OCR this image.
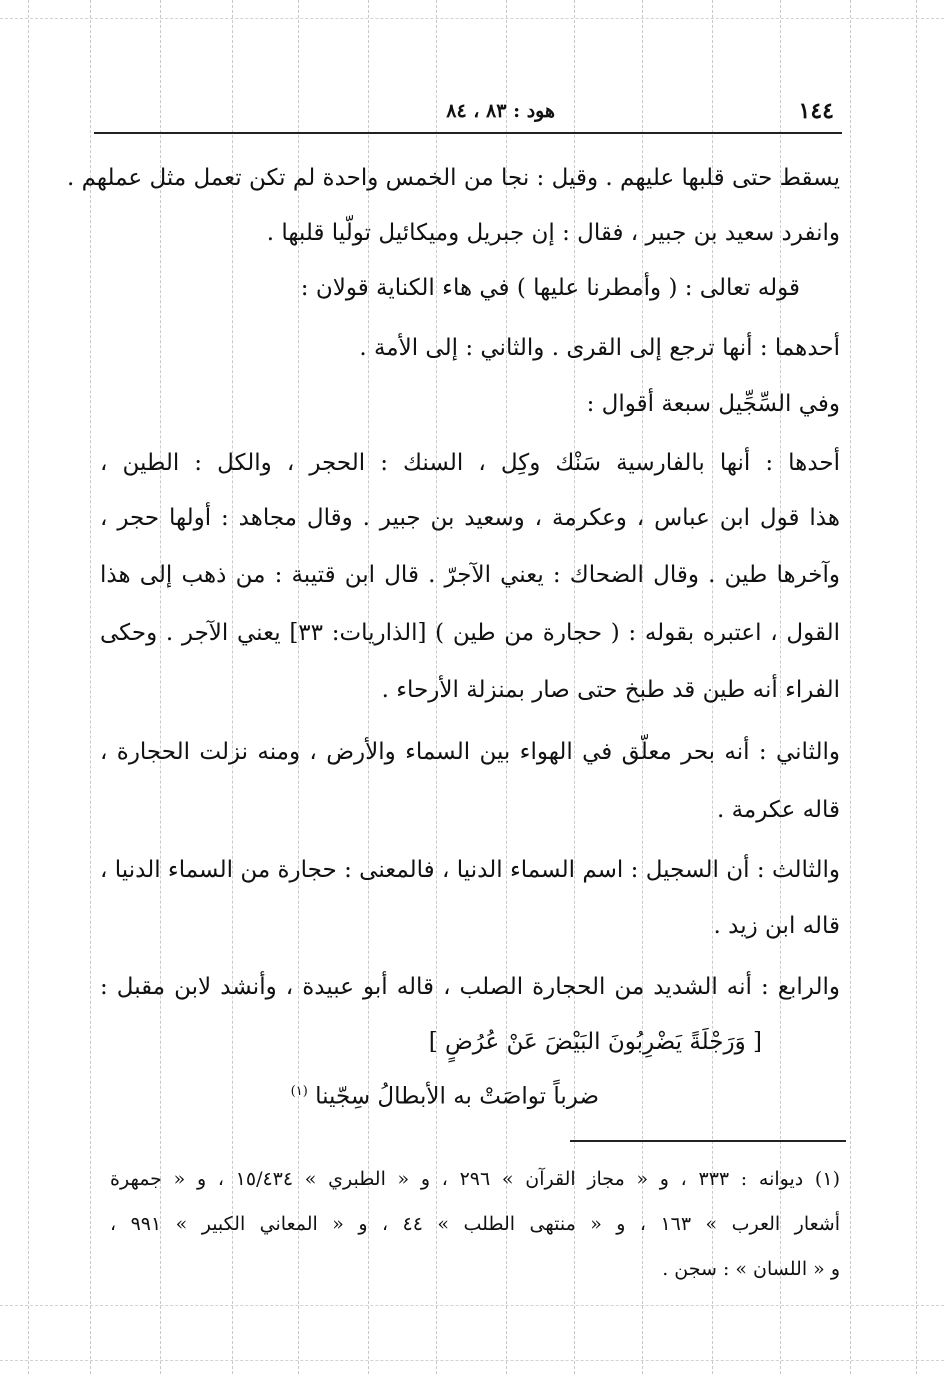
١٤٤
هود : ٨٣ ، ٨٤
يسقط حتى قلبها عليهم . وقيل : نجا من الخمس واحدة لم تكن تعمل مثل عملهم .
وانفرد سعيد بن جبير ، فقال : إن جبريل وميكائيل تولّيا قلبها .
قوله تعالى : ( وأمطرنا عليها ) في هاء الكناية قولان :
أحدهما : أنها ترجع إلى القرى . والثاني : إلى الأمة .
وفي السِّجِّيل سبعة أقوال :
أحدها : أنها بالفارسية سَنْك وكِل ، السنك : الحجر ، والكل : الطين ،
هذا قول ابن عباس ، وعكرمة ، وسعيد بن جبير . وقال مجاهد : أولها حجر ،
وآخرها طين . وقال الضحاك : يعني الآجرّ . قال ابن قتيبة : من ذهب إلى هذا
القول ، اعتبره بقوله : ( حجارة من طين ) [الذاريات: ٣٣] يعني الآجر . وحكى
الفراء أنه طين قد طبخ حتى صار بمنزلة الأرحاء .
والثاني : أنه بحر معلّق في الهواء بين السماء والأرض ، ومنه نزلت الحجارة ،
قاله عكرمة .
والثالث : أن السجيل : اسم السماء الدنيا ، فالمعنى : حجارة من السماء الدنيا ،
قاله ابن زيد .
والرابع : أنه الشديد من الحجارة الصلب ، قاله أبو عبيدة ، وأنشد لابن مقبل :
[ وَرَجْلَةً يَضْرِبُونَ البَيْضَ عَنْ عُرُضٍ ]
ضرباً تواصَتْ به الأبطالُ سِجّينا $^{(١)}$
(١) ديوانه : ٣٣٣ ، و « مجاز القرآن » ٢٩٦ ، و « الطبري » ١٥/٤٣٤ ، و « جمهرة
أشعار العرب » ١٦٣ ، و « منتهى الطلب » ٤٤ ، و « المعاني الكبير » ٩٩١ ،
و « اللسان » : سجن .
